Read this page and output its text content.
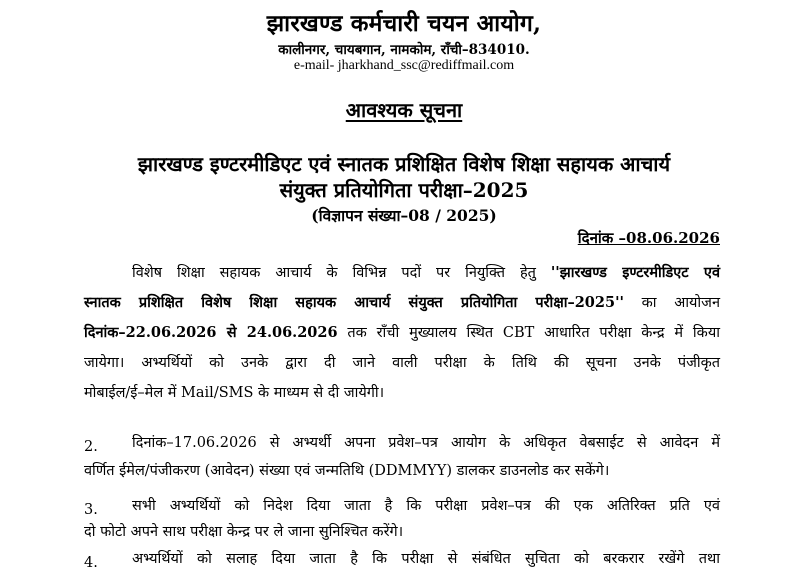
झारखण्ड कर्मचारी चयन आयोग,
कालीनगर, चायबगान, नामकोम, राँची–834010.
e-mail- jharkhand_ssc@rediffmail.com
आवश्यक सूचना
झारखण्ड इण्टरमीडिएट एवं स्नातक प्रशिक्षित विशेष शिक्षा सहायक आचार्य
संयुक्त प्रतियोगिता परीक्षा–2025
(विज्ञापन संख्या–08 / 2025)
दिनांक –08.06.2026
विशेष शिक्षा सहायक आचार्य के विभिन्न पदों पर नियुक्ति हेतु ''झारखण्ड इण्टरमीडिएट एवं
स्नातक प्रशिक्षित विशेष शिक्षा सहायक आचार्य संयुक्त प्रतियोगिता परीक्षा–2025'' का आयोजन
दिनांक–22.06.2026 से 24.06.2026 तक राँची मुख्यालय स्थित CBT आधारित परीक्षा केन्द्र में किया
जायेगा। अभ्यर्थियों को उनके द्वारा दी जाने वाली परीक्षा के तिथि की सूचना उनके पंजीकृत
मोबाईल/ई–मेल में Mail/SMS के माध्यम से दी जायेगी।
2.	दिनांक–17.06.2026 से अभ्यर्थी अपना प्रवेश–पत्र आयोग के अधिकृत वेबसाईट से आवेदन में
वर्णित ईमेल/पंजीकरण (आवेदन) संख्या एवं जन्मतिथि (DDMMYY) डालकर डाउनलोड कर सकेंगे।
3.	सभी अभ्यर्थियों को निदेश दिया जाता है कि परीक्षा प्रवेश–पत्र की एक अतिरिक्त प्रति एवं
दो फोटो अपने साथ परीक्षा केन्द्र पर ले जाना सुनिश्चित करेंगे।
4.	अभ्यर्थियों को सलाह दिया जाता है कि परीक्षा से संबंधित सुचिता को बरकरार रखेंगे तथा
